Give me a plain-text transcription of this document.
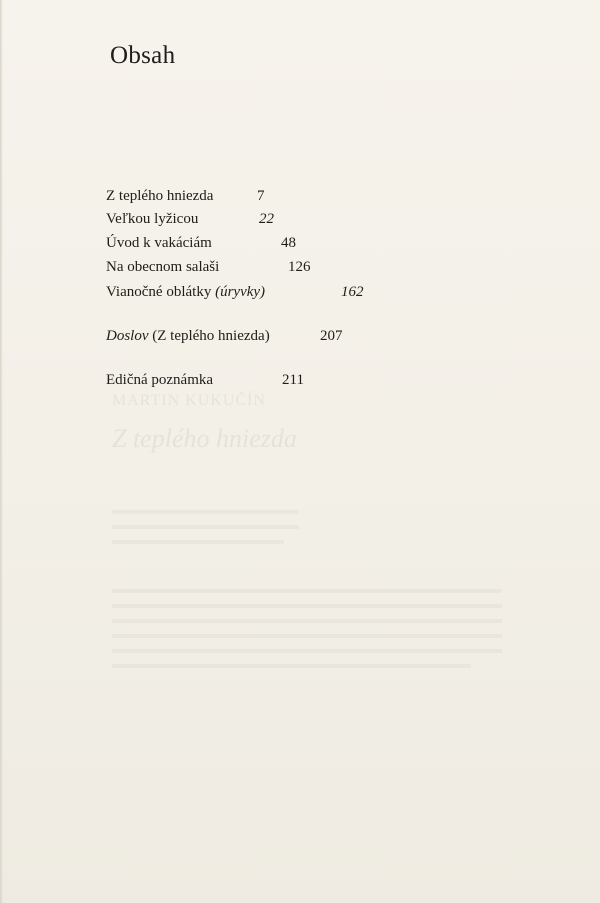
MARTIN KUKUČÍN
Z teplého hniezda
Obsah
Z teplého hniezda	7
Veľkou lyžicou	22
Úvod k vakáciám	48
Na obecnom salaši	126
Vianočné oblátky (úryvky)	162
Doslov (Z teplého hniezda)	207
Edičná poznámka	211
